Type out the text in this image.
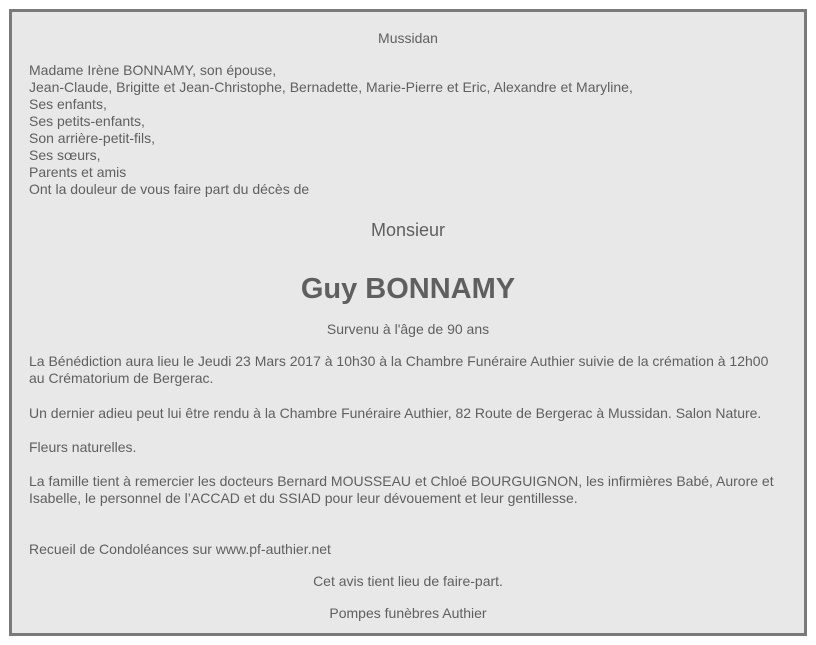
Mussidan
Madame Irène BONNAMY, son épouse,
Jean-Claude, Brigitte et Jean-Christophe, Bernadette, Marie-Pierre et Eric, Alexandre et Maryline,
Ses enfants,
Ses petits-enfants,
Son arrière-petit-fils,
Ses sœurs,
Parents et amis
Ont la douleur de vous faire part du décès de
Monsieur
Guy BONNAMY
Survenu à l'âge de 90 ans
La Bénédiction aura lieu le Jeudi 23 Mars 2017 à 10h30 à la Chambre Funéraire Authier suivie de la crémation à 12h00 au Crématorium de Bergerac.
Un dernier adieu peut lui être rendu à la Chambre Funéraire Authier, 82 Route de Bergerac à Mussidan. Salon Nature.
Fleurs naturelles.
La famille tient à remercier les docteurs Bernard MOUSSEAU et Chloé BOURGUIGNON, les infirmières Babé, Aurore et Isabelle, le personnel de l’ACCAD et du SSIAD pour leur dévouement et leur gentillesse.
Recueil de Condoléances sur www.pf-authier.net
Cet avis tient lieu de faire-part.
Pompes funèbres Authier
